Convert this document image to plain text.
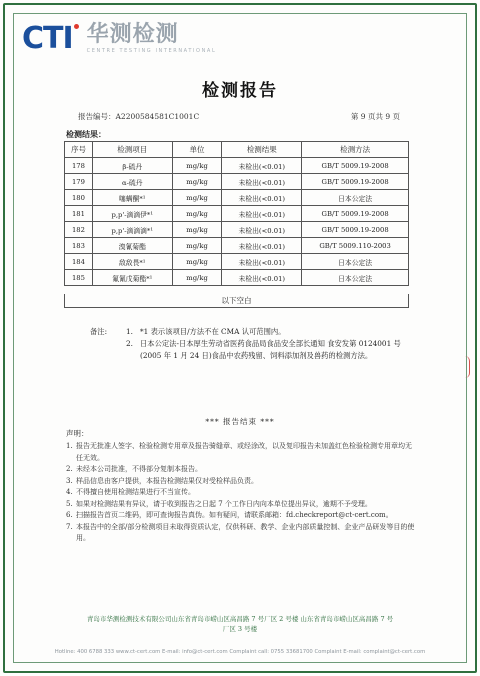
CTI 华测检测
CENTRE TESTING INTERNATIONAL
检测报告
报告编号：A2200584581C1001C	第 9 页共 9 页
检测结果：
序号	检测项目	单位	检测结果	检测方法
178	β-硫丹	mg/kg	未检出(<0.01)	GB/T 5009.19-2008
179	α-硫丹	mg/kg	未检出(<0.01)	GB/T 5009.19-2008
180	噻螨酮*¹	mg/kg	未检出(<0.01)	日本公定法
181	p,p'-滴滴伊*¹	mg/kg	未检出(<0.01)	GB/T 5009.19-2008
182	p,p'-滴滴滴*¹	mg/kg	未检出(<0.01)	GB/T 5009.19-2008
183	溴氰菊酯	mg/kg	未检出(<0.01)	GB/T 5009.110-2003
184	敌敌畏*¹	mg/kg	未检出(<0.01)	日本公定法
185	氟氰戊菊酯*¹	mg/kg	未检出(<0.01)	日本公定法
以下空白
备注:	1. *1 表示该项目/方法不在 CMA 认可范围内。
2. 日本公定法-日本厚生劳动省医药食品局食品安全部长通知 食安发第 0124001 号(2005 年 1 月 24 日)食品中农药残留、饲料添加剂及兽药的检测方法。
*** 报告结束 ***
声明：
1. 报告无批准人签字、检验检测专用章及报告骑缝章、或经涂改，以及复印报告未加盖红色检验检测专用章均无任无效。
2. 未经本公司批准，不得部分复制本报告。
3. 样品信息由客户提供，本报告检测结果仅对受检样品负责。
4. 不得擅自使用检测结果进行不当宣传。
5. 如果对检测结果有异议，请于收到报告之日起 7 个工作日内向本单位提出异议，逾期不予受理。
6. 扫描报告首页二维码，即可查询报告真伪。如有疑问，请联系邮箱：fd.checkreport@ct-cert.com。
7. 本报告中的全部/部分检测项目未取得资质认定，仅供科研、教学、企业内部质量控制、企业产品研发等目的使用。
青岛市华测检测技术有限公司山东省青岛市崂山区高昌路 7 号厂区 2 号楼 山东省青岛市崂山区高昌路 7 号
厂区 3 号楼
Hotline: 400 6788 333 www.ct-cert.com E-mail: info@ct-cert.com Complaint call: 0755 33681700 Complaint E-mail: complaint@ct-cert.com
